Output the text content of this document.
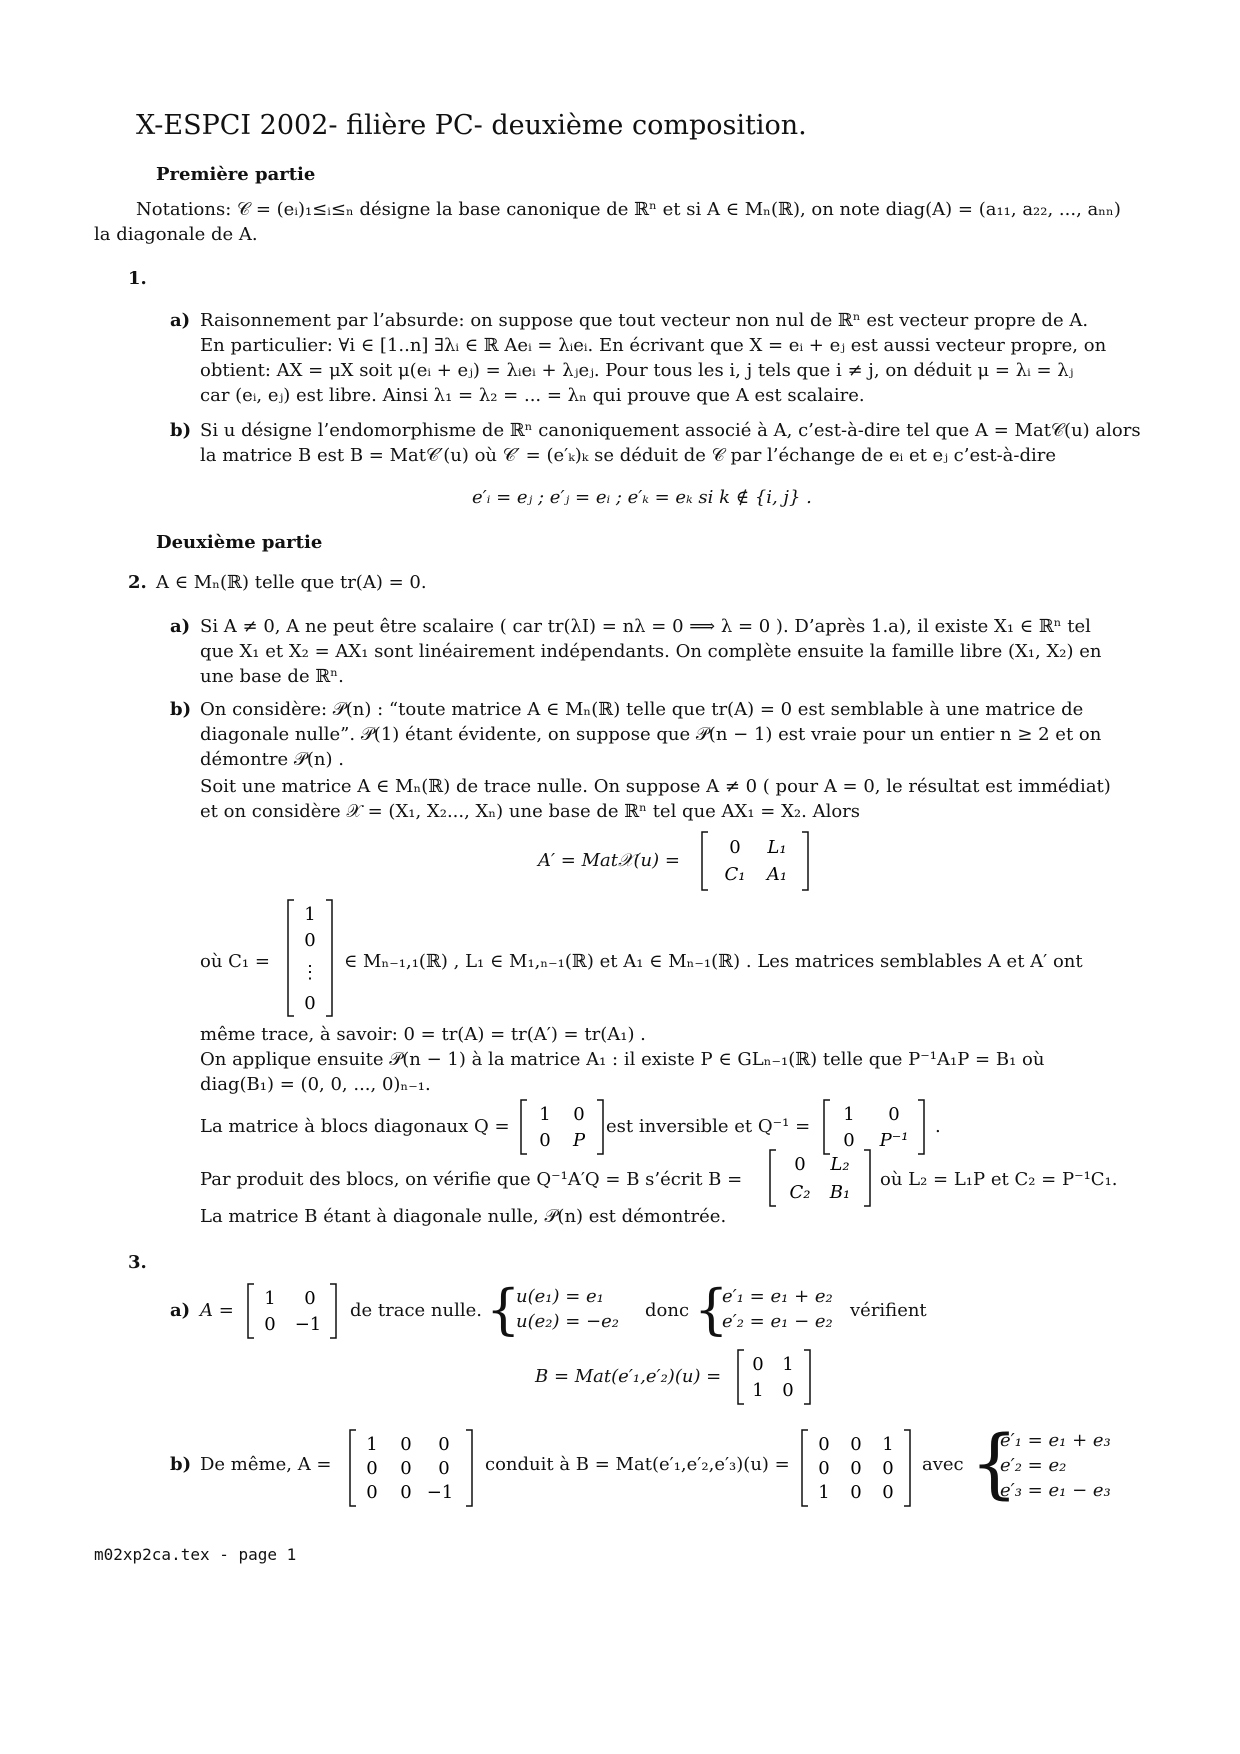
X-ESPCI 2002- filière PC- deuxième composition.
Première partie
Notations: 𝒞 = (eᵢ)₁≤ᵢ≤ₙ désigne la base canonique de ℝⁿ et si A ∈ Mₙ(ℝ), on note diag(A) = (a₁₁, a₂₂, ..., aₙₙ)
la diagonale de A.
1.
a) Raisonnement par l’absurde: on suppose que tout vecteur non nul de ℝⁿ est vecteur propre de A.
En particulier: ∀i ∈ [1..n] ∃λᵢ ∈ ℝ Aeᵢ = λᵢeᵢ. En écrivant que X = eᵢ + eⱼ est aussi vecteur propre, on
obtient: AX = μX soit μ(eᵢ + eⱼ) = λᵢeᵢ + λⱼeⱼ. Pour tous les i, j tels que i ≠ j, on déduit μ = λᵢ = λⱼ
car (eᵢ, eⱼ) est libre. Ainsi λ₁ = λ₂ = ... = λₙ qui prouve que A est scalaire.
b) Si u désigne l’endomorphisme de ℝⁿ canoniquement associé à A, c’est-à-dire tel que A = Mat𝒞(u) alors
la matrice B est B = Mat𝒞′(u) où 𝒞′ = (e′ₖ)ₖ se déduit de 𝒞 par l’échange de eᵢ et eⱼ c’est-à-dire
e′ᵢ = eⱼ ; e′ⱼ = eᵢ ; e′ₖ = eₖ si k ∉ {i, j} .
Deuxième partie
2. A ∈ Mₙ(ℝ) telle que tr(A) = 0.
a) Si A ≠ 0, A ne peut être scalaire ( car tr(λI) = nλ = 0 ⟹ λ = 0 ). D’après 1.a), il existe X₁ ∈ ℝⁿ tel
que X₁ et X₂ = AX₁ sont linéairement indépendants. On complète ensuite la famille libre (X₁, X₂) en
une base de ℝⁿ.
b) On considère: 𝒫(n) : “toute matrice A ∈ Mₙ(ℝ) telle que tr(A) = 0 est semblable à une matrice de
diagonale nulle”. 𝒫(1) étant évidente, on suppose que 𝒫(n − 1) est vraie pour un entier n ≥ 2 et on
démontre 𝒫(n) .
Soit une matrice A ∈ Mₙ(ℝ) de trace nulle. On suppose A ≠ 0 ( pour A = 0, le résultat est immédiat)
et on considère 𝒳 = (X₁, X₂..., Xₙ) une base de ℝⁿ tel que AX₁ = X₂. Alors
A′ = Mat𝒳(u) =
0 L₁
C₁ A₁
où C₁ =
1
0
⋮
0
∈ Mₙ₋₁,₁(ℝ) , L₁ ∈ M₁,ₙ₋₁(ℝ) et A₁ ∈ Mₙ₋₁(ℝ) . Les matrices semblables A et A′ ont
même trace, à savoir: 0 = tr(A) = tr(A′) = tr(A₁) .
On applique ensuite 𝒫(n − 1) à la matrice A₁ : il existe P ∈ GLₙ₋₁(ℝ) telle que P⁻¹A₁P = B₁ où
diag(B₁) = (0, 0, ..., 0)ₙ₋₁.
La matrice à blocs diagonaux Q =
1 0
0 P
est inversible et Q⁻¹ =
1 0
0 P⁻¹
.
Par produit des blocs, on vérifie que Q⁻¹A′Q = B s’écrit B =
0 L₂
C₂ B₁
où L₂ = L₁P et C₂ = P⁻¹C₁.
La matrice B étant à diagonale nulle, 𝒫(n) est démontrée.
3.
a) A =
1 0
0 −1
de trace nulle. {
u(e₁) = e₁
u(e₂) = −e₂
donc {
e′₁ = e₁ + e₂
e′₂ = e₁ − e₂
vérifient
B = Mat(e′₁,e′₂)(u) =
0 1
1 0
b) De même, A =
1 0 0
0 0 0
0 0 −1
conduit à B = Mat(e′₁,e′₂,e′₃)(u) =
0 0 1
0 0 0
1 0 0
avec {
e′₁ = e₁ + e₃
e′₂ = e₂
e′₃ = e₁ − e₃
m02xp2ca.tex - page 1
